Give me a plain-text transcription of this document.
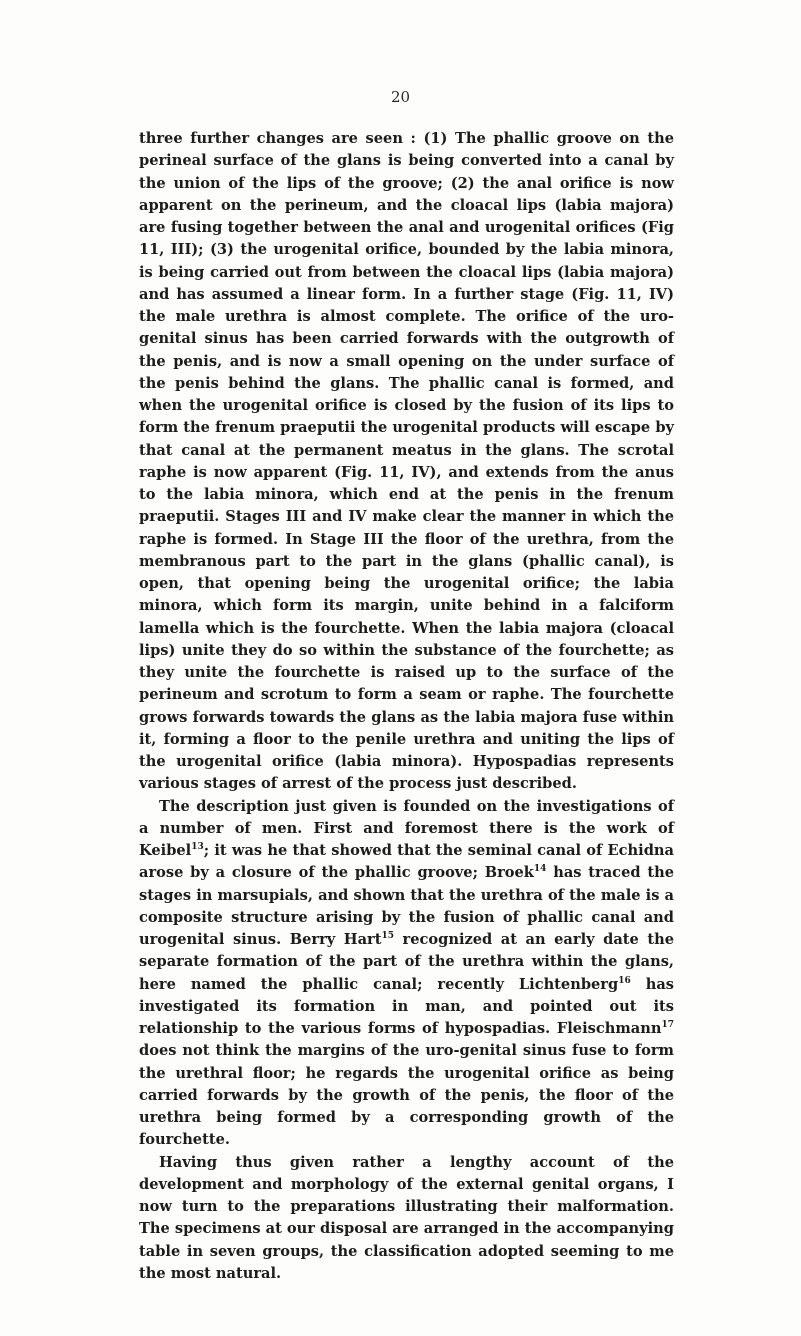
20

three further changes are seen : (1) The phallic groove on the perineal surface of the glans is being converted into a canal by the union of the lips of the groove; (2) the anal orifice is now apparent on the perineum, and the cloacal lips (labia majora) are fusing together between the anal and urogenital orifices (Fig 11, III); (3) the urogenital orifice, bounded by the labia minora, is being carried out from between the cloacal lips (labia majora) and has assumed a linear form. In a further stage (Fig. 11, IV) the male urethra is almost complete. The orifice of the uro-genital sinus has been carried forwards with the outgrowth of the penis, and is now a small opening on the under surface of the penis behind the glans. The phallic canal is formed, and when the urogenital orifice is closed by the fusion of its lips to form the frenum praeputii the urogenital products will escape by that canal at the permanent meatus in the glans. The scrotal raphe is now apparent (Fig. 11, IV), and extends from the anus to the labia minora, which end at the penis in the frenum praeputii. Stages III and IV make clear the manner in which the raphe is formed. In Stage III the floor of the urethra, from the membranous part to the part in the glans (phallic canal), is open, that opening being the urogenital orifice; the labia minora, which form its margin, unite behind in a falciform lamella which is the fourchette. When the labia majora (cloacal lips) unite they do so within the substance of the fourchette; as they unite the fourchette is raised up to the surface of the perineum and scrotum to form a seam or raphe. The fourchette grows forwards towards the glans as the labia majora fuse within it, forming a floor to the penile urethra and uniting the lips of the urogenital orifice (labia minora). Hypospadias represents various stages of arrest of the process just described.

The description just given is founded on the investigations of a number of men. First and foremost there is the work of Keibel$^{13}$; it was he that showed that the seminal canal of Echidna arose by a closure of the phallic groove; Broek$^{14}$ has traced the stages in marsupials, and shown that the urethra of the male is a composite structure arising by the fusion of phallic canal and urogenital sinus. Berry Hart$^{15}$ recognized at an early date the separate formation of the part of the urethra within the glans, here named the phallic canal; recently Lichtenberg$^{16}$ has investigated its formation in man, and pointed out its relationship to the various forms of hypospadias. Fleischmann$^{17}$ does not think the margins of the uro-genital sinus fuse to form the urethral floor; he regards the urogenital orifice as being carried forwards by the growth of the penis, the floor of the urethra being formed by a corresponding growth of the fourchette.

Having thus given rather a lengthy account of the development and morphology of the external genital organs, I now turn to the preparations illustrating their malformation. The specimens at our disposal are arranged in the accompanying table in seven groups, the classification adopted seeming to me the most natural.
